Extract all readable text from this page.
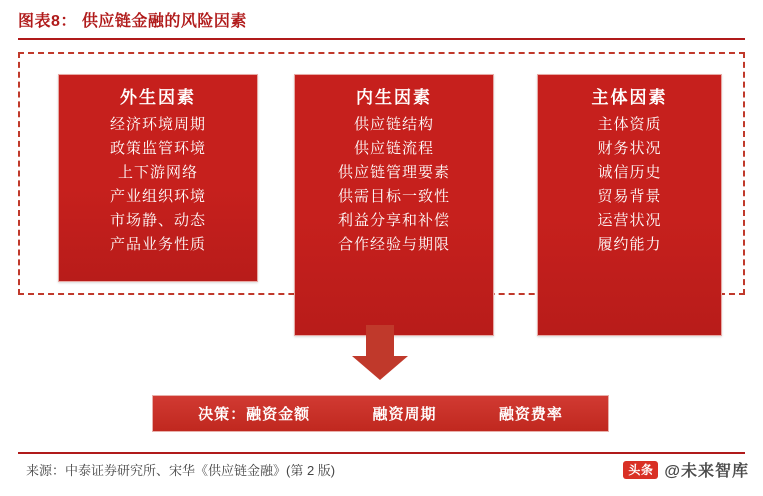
图表8： 供应链金融的风险因素
外生因素
经济环境周期
政策监管环境
上下游网络
产业组织环境
市场静、动态
产品业务性质
内生因素
供应链结构
供应链流程
供应链管理要素
供需目标一致性
利益分享和补偿
合作经验与期限
主体因素
主体资质
财务状况
诚信历史
贸易背景
运营状况
履约能力
决策：融资金额	融资周期	融资费率
来源：中泰证券研究所、宋华《供应链金融》(第 2 版)	头条 @未来智库
